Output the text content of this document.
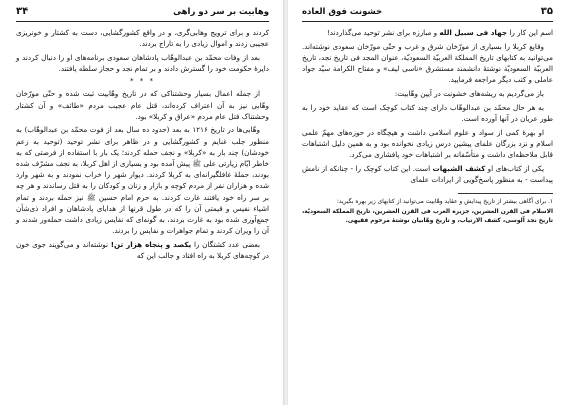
وهابیت بر سر دو راهی
۳۴

کردند و برای ترویج وهابی‌گری، و در واقع کشورگشایی، دست به کشتار و خونریزی عجیبی زدند و اموال زیادی را به تاراج بردند.

بعد از وفات محمّد بن عبدالوهّاب پادشاهان سعودی برنامه‌های او را دنبال کردند و دایرهٔ حکومت خود را گسترش دادند و بر تمام نجد و حجاز سلطه یافتند.

* * *

از جمله اعمال بسیار وحشتناکی که در تاریخ وهّابیت ثبت شده و حتّی مورّخان وهّابی نیز به آن اعتراف کرده‌اند، قتل عام عجیب مردم «طائف» و آن کشتار وحشتناک قتل عام مردم «عراق و کربلا» بود.

وهّابی‌ها در تاریخ ۱۲۱۶ به بعد (حدود ده سال بعد از فوت محمّد بن عبدالوهّاب) به منظور جلب غنایم و کشورگشایی و در ظاهر برای نشر توحید (توحید به زعم خودشان) چند بار به «کربلا» و نجف حمله کردند؛ یک بار با استفاده از فرصتی که به خاطر ایّام زیارتی علی ﷺ پیش آمده بود و بسیاری از اهل کربلا، به نجف مشرّف شده بودند، حملهٔ غافلگیرانه‌ای به کربلا کردند. دیوار شهر را خراب نمودند و به شهر وارد شده و هزاران نفر از مردم کوچه و بازار و زنان و کودکان را به قتل رساندند و هر چه بر سر راه خود یافتند غارت کردند. به حرم امام حسین ﷺ نیز حمله بردند و تمام اشیاء نفیس و قیمتی آن را که در طول قرنها از هدایای پادشاهان و افراد ذی‌شأن جمع‌آوری شده بود به غارت بردند، به گونه‌ای که نفایس زیادی داشت حمله‌ور شدند و آن را ویران کردند و تمام جواهرات و نفایس را بردند.

بعضی عدد کشتگان را یکصد و پنجاه هزار تن! نوشته‌اند و می‌گویند جوی خون در کوچه‌های کربلا به راه افتاد و جالب این که

خشونت فوق العاده	۳۵

اسم این کار را جهاد فی سبیل الله و مبارزه برای نشر توحید می‌گذاردند!

وقایع کربلا را بسیاری از مورّخان شرق و غرب و حتّی مورّخان سعودی نوشته‌اند. می‌توانید به کتابهای تاریخ المملکة العربیّة السعودیّة، عنوان المجد فی تاریخ نجد، تاریخ العربیّة السعودیّة نوشتهٔ دانشمند مستشرق «ناسی لیف» و مفتاح الکرامة سیّد جواد عاملی و کتب دیگر مراجعه فرمایید.

باز می‌گردیم به ریشه‌های خشونت در آیین وهّابیت:

به هر حال محمّد بن عبدالوهّاب دارای چند کتاب کوچک است که عقاید خود را به طور عریان در آنها آورده است.

او بهرهٔ کمی از سواد و علوم اسلامی داشت و هیچگاه در حوزه‌های مهمّ علمی اسلام و نزد بزرگان علمای پیشین درس زیادی نخوانده بود و به همین دلیل اشتباهات قابل ملاحظه‌ای داشت و متأسّفانه بر اشتباهات خود پافشاری می‌کرد.

یکی از کتاب‌های او کشف الشبهات است. این کتاب کوچک را - چنانکه از نامش پیداست - به منظور پاسخ‌گویی از ایرادات علمای

۱. برای آگاهی بیشتر از تاریخ پیدایش و عقاید وهّابیت می‌توانید از کتابهای زیر بهره بگیرید:

الاسلام فی القرن العشرین، جزیرة العرب فی القرن العشرین، تاریخ المملکة السعودیّة، تاریخ نجد آلوسی، کشف الارتیاب، و تاریخ وهّابیان نوشتهٔ مرحوم فقیهی.
